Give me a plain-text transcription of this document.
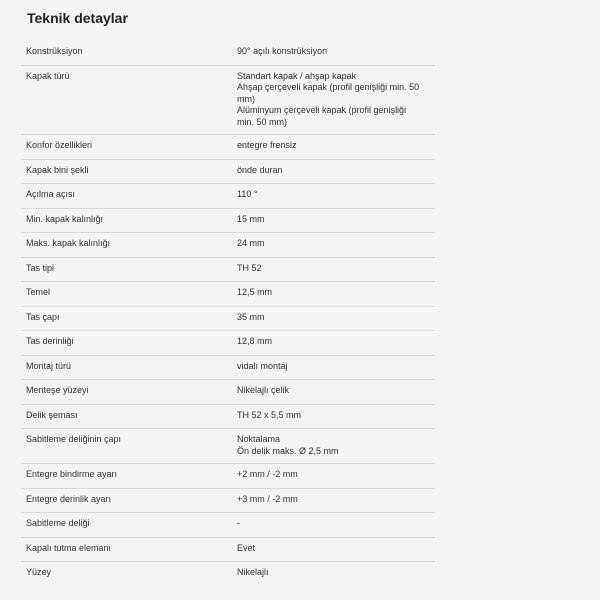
Teknik detaylar
Konstrüksiyon	90° açılı konstrüksiyon
Kapak türü	Standart kapak / ahşap kapak
Ahşap çerçeveli kapak (profil genişliği min. 50
mm)
Alüminyum çerçeveli kapak (profil genişliği
min. 50 mm)
Konfor özellikleri	entegre frensiz
Kapak bini şekli	önde duran
Açılma açısı	110 °
Min. kapak kalınlığı	15 mm
Maks. kapak kalınlığı	24 mm
Tas tipi	TH 52
Temel	12,5 mm
Tas çapı	35 mm
Tas derinliği	12,8 mm
Montaj türü	vidalı montaj
Menteşe yüzeyi	Nikelajlı çelik
Delik şeması	TH 52 x 5,5 mm
Sabitleme deliğinin çapı	Noktalama
Ön delik maks. Ø 2,5 mm
Entegre bindirme ayarı	+2 mm / -2 mm
Entegre derinlik ayarı	+3 mm / -2 mm
Sabitleme deliği	-
Kapalı tutma elemanı	Evet
Yüzey	Nikelajlı
